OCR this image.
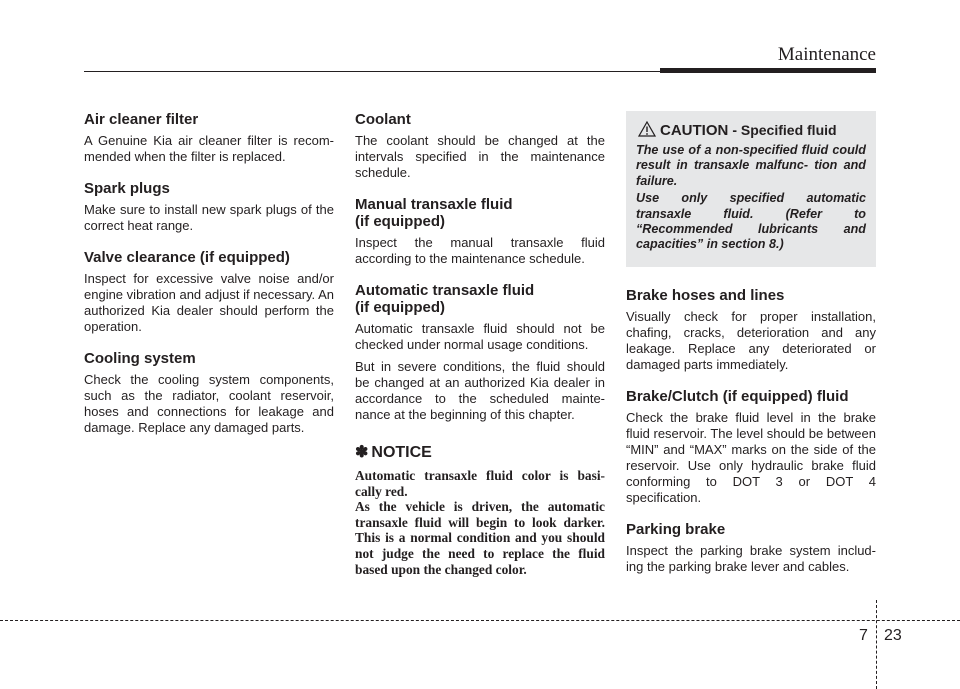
Maintenance
Air cleaner filter

A Genuine Kia air cleaner filter is recom- mended when the filter is replaced.

Spark plugs

Make sure to install new spark plugs of the correct heat range.

Valve clearance (if equipped)

Inspect for excessive valve noise and/or engine vibration and adjust if necessary. An authorized Kia dealer should perform the operation.

Cooling system

Check the cooling system components, such as the radiator, coolant reservoir, hoses and connections for leakage and damage. Replace any damaged parts.

Coolant

The coolant should be changed at the intervals specified in the maintenance schedule.

Manual transaxle fluid
(if equipped)

Inspect the manual transaxle fluid according to the maintenance schedule.

Automatic transaxle fluid
(if equipped)

Automatic transaxle fluid should not be checked under normal usage conditions.

But in severe conditions, the fluid should be changed at an authorized Kia dealer in accordance to the scheduled mainte- nance at the beginning of this chapter.

✽ NOTICE

Automatic transaxle fluid color is basi- cally red.

As the vehicle is driven, the automatic transaxle fluid will begin to look darker. This is a normal condition and you should not judge the need to replace the fluid based upon the changed color.

CAUTION - Specified fluid

The use of a non-specified fluid could result in transaxle malfunc- tion and failure.

Use only specified automatic transaxle fluid. (Refer to “Recommended lubricants and capacities” in section 8.)

Brake hoses and lines

Visually check for proper installation, chafing, cracks, deterioration and any leakage. Replace any deteriorated or damaged parts immediately.

Brake/Clutch (if equipped) fluid

Check the brake fluid level in the brake fluid reservoir. The level should be between “MIN” and “MAX” marks on the side of the reservoir. Use only hydraulic brake fluid conforming to DOT 3 or DOT 4 specification.

Parking brake

Inspect the parking brake system includ- ing the parking brake lever and cables.

7 23
